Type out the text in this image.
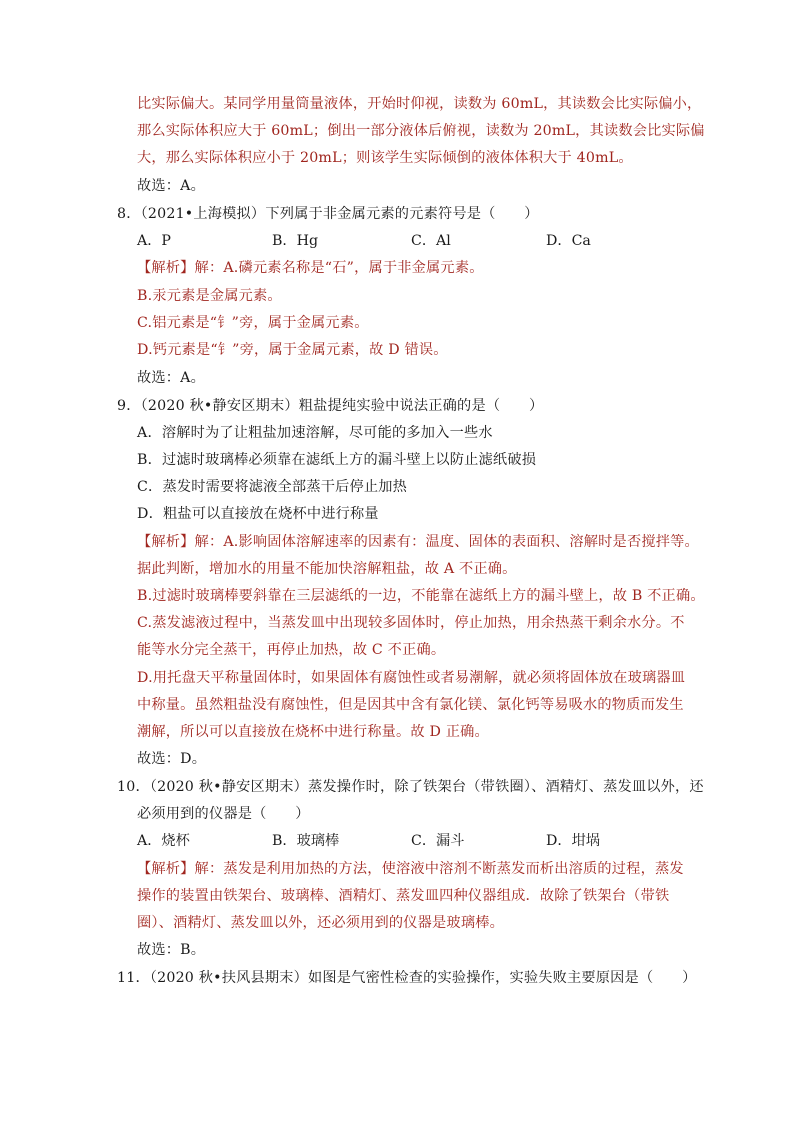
比实际偏大。某同学用量筒量液体，开始时仰视，读数为 60mL，其读数会比实际偏小，
那么实际体积应大于 60mL；倒出一部分液体后俯视，读数为 20mL，其读数会比实际偏
大，那么实际体积应小于 20mL；则该学生实际倾倒的液体体积大于 40mL。
故选：A。
8．（2021•上海模拟）下列属于非金属元素的元素符号是（　　）
A．P	B．Hg	C．Al	D．Ca
【解析】解：A.磷元素名称是“石”，属于非金属元素。
B.汞元素是金属元素。
C.铝元素是“钅”旁，属于金属元素。
D.钙元素是“钅”旁，属于金属元素，故 D 错误。
故选：A。
9．（2020 秋•静安区期末）粗盐提纯实验中说法正确的是（　　）
A．溶解时为了让粗盐加速溶解，尽可能的多加入一些水
B．过滤时玻璃棒必须靠在滤纸上方的漏斗壁上以防止滤纸破损
C．蒸发时需要将滤液全部蒸干后停止加热
D．粗盐可以直接放在烧杯中进行称量
【解析】解：A.影响固体溶解速率的因素有：温度、固体的表面积、溶解时是否搅拌等。
据此判断，增加水的用量不能加快溶解粗盐，故 A 不正确。
B.过滤时玻璃棒要斜靠在三层滤纸的一边，不能靠在滤纸上方的漏斗壁上，故 B 不正确。
C.蒸发滤液过程中，当蒸发皿中出现较多固体时，停止加热，用余热蒸干剩余水分。不
能等水分完全蒸干，再停止加热，故 C 不正确。
D.用托盘天平称量固体时，如果固体有腐蚀性或者易潮解，就必须将固体放在玻璃器皿
中称量。虽然粗盐没有腐蚀性，但是因其中含有氯化镁、氯化钙等易吸水的物质而发生
潮解，所以可以直接放在烧杯中进行称量。故 D 正确。
故选：D。
10．（2020 秋•静安区期末）蒸发操作时，除了铁架台（带铁圈）、酒精灯、蒸发皿以外，还
必须用到的仪器是（　　）
A．烧杯	B．玻璃棒	C．漏斗	D．坩埚
【解析】解：蒸发是利用加热的方法，使溶液中溶剂不断蒸发而析出溶质的过程，蒸发
操作的装置由铁架台、玻璃棒、酒精灯、蒸发皿四种仪器组成．故除了铁架台（带铁
圈）、酒精灯、蒸发皿以外，还必须用到的仪器是玻璃棒。
故选：B。
11．（2020 秋•扶风县期末）如图是气密性检查的实验操作，实验失败主要原因是（　　）
